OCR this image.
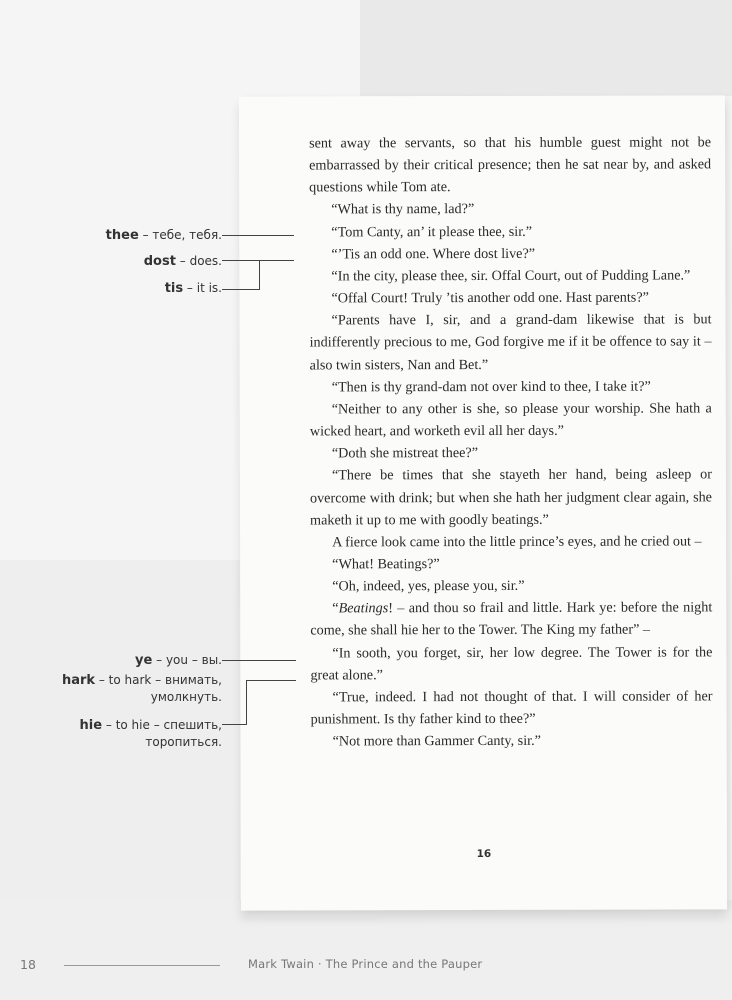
sent away the servants, so that his humble guest might not be embarrassed by their critical presence; then he sat near by, and asked questions while Tom ate.

“What is thy name, lad?”

“Tom Canty, an’ it please thee, sir.”

“’Tis an odd one. Where dost live?”

“In the city, please thee, sir. Offal Court, out of Pudding Lane.”

“Offal Court! Truly ’tis another odd one. Hast parents?”

“Parents have I, sir, and a grand-dam likewise that is but indifferently precious to me, God forgive me if it be offence to say it – also twin sisters, Nan and Bet.”

“Then is thy grand-dam not over kind to thee, I take it?”

“Neither to any other is she, so please your worship. She hath a wicked heart, and worketh evil all her days.”

“Doth she mistreat thee?”

“There be times that she stayeth her hand, being asleep or overcome with drink; but when she hath her judgment clear again, she maketh it up to me with goodly beatings.”

A fierce look came into the little prince’s eyes, and he cried out –

“What! Beatings?”

“Oh, indeed, yes, please you, sir.”

“Beatings! – and thou so frail and little. Hark ye: before the night come, she shall hie her to the Tower. The King my father” –

“In sooth, you forget, sir, her low degree. The Tower is for the great alone.”

“True, indeed. I had not thought of that. I will consider of her punishment. Is thy father kind to thee?”

“Not more than Gammer Canty, sir.”

16
thee – тебе, тебя.
dost – does.
tis – it is.
ye – you – вы.
hark – to hark – внимать,
умолкнуть.
hie – to hie – спешить,
торопиться.
18	Mark Twain · The Prince and the Pauper
